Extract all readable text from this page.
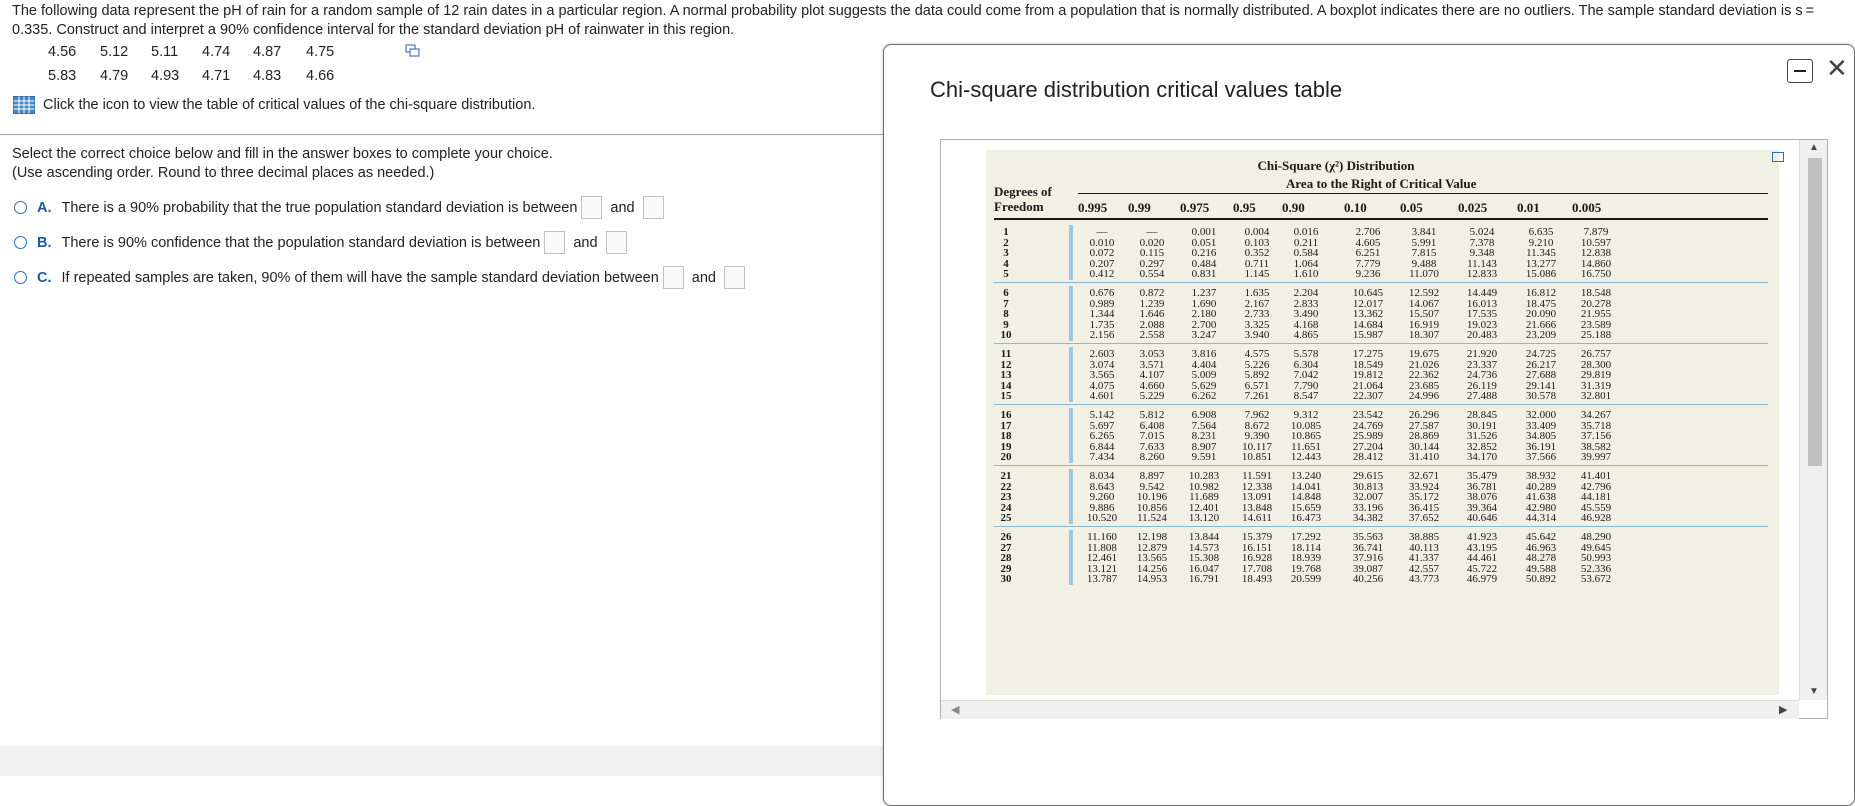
The following data represent the pH of rain for a random sample of 12 rain dates in a particular region. A normal probability plot suggests the data could come from a population that is normally distributed. A boxplot indicates there are no outliers. The sample standard deviation is s = 0.335. Construct and interpret a 90% confidence interval for the standard deviation pH of rainwater in this region.
4.56 5.12 5.11 4.74 4.87 4.75
5.83 4.79 4.93 4.71 4.83 4.66
Click the icon to view the table of critical values of the chi-square distribution.
Select the correct choice below and fill in the answer boxes to complete your choice.
(Use ascending order. Round to three decimal places as needed.)
A. There is a 90% probability that the true population standard deviation is between and
B. There is 90% confidence that the population standard deviation is between and
C. If repeated samples are taken, 90% of them will have the sample standard deviation between and
Chi-square distribution critical values table
✕
Chi-Square (χ²) Distribution
Area to the Right of Critical Value
Degrees of
Freedom	0.995 0.99 0.975 0.95 0.90	0.10	0.05	0.025 0.01 0.005
1	—	—	0.001	0.004	0.016	2.706	3.841	5.024	6.635	7.879
2	0.010	0.020	0.051	0.103	0.211	4.605	5.991	7.378	9.210	10.597
3	0.072	0.115	0.216	0.352	0.584	6.251	7.815	9.348	11.345	12.838
4	0.207	0.297	0.484	0.711	1.064	7.779	9.488	11.143	13.277	14.860
5	0.412	0.554	0.831	1.145	1.610	9.236	11.070	12.833	15.086	16.750
6	0.676	0.872	1.237	1.635	2.204	10.645	12.592	14.449	16.812	18.548
7	0.989	1.239	1.690	2.167	2.833	12.017	14.067	16.013	18.475	20.278
8	1.344	1.646	2.180	2.733	3.490	13.362	15.507	17.535	20.090	21.955
9	1.735	2.088	2.700	3.325	4.168	14.684	16.919	19.023	21.666	23.589
10	2.156	2.558	3.247	3.940	4.865	15.987	18.307	20.483	23.209	25.188
11	2.603	3.053	3.816	4.575	5.578	17.275	19.675	21.920	24.725	26.757
12	3.074	3.571	4.404	5.226	6.304	18.549	21.026	23.337	26.217	28.300
13	3.565	4.107	5.009	5.892	7.042	19.812	22.362	24.736	27.688	29.819
14	4.075	4.660	5.629	6.571	7.790	21.064	23.685	26.119	29.141	31.319
15	4.601	5.229	6.262	7.261	8.547	22.307	24.996	27.488	30.578	32.801
16	5.142	5.812	6.908	7.962	9.312	23.542	26.296	28.845	32.000	34.267
17	5.697	6.408	7.564	8.672	10.085	24.769	27.587	30.191	33.409	35.718
18	6.265	7.015	8.231	9.390	10.865	25.989	28.869	31.526	34.805	37.156
19	6.844	7.633	8.907	10.117	11.651	27.204	30.144	32.852	36.191	38.582
20	7.434	8.260	9.591	10.851	12.443	28.412	31.410	34.170	37.566	39.997
21	8.034	8.897	10.283	11.591	13.240	29.615	32.671	35.479	38.932	41.401
22	8.643	9.542	10.982	12.338	14.041	30.813	33.924	36.781	40.289	42.796
23	9.260	10.196	11.689	13.091	14.848	32.007	35.172	38.076	41.638	44.181
24	9.886	10.856	12.401	13.848	15.659	33.196	36.415	39.364	42.980	45.559
25	10.520	11.524	13.120	14.611	16.473	34.382	37.652	40.646	44.314	46.928
26	11.160	12.198	13.844	15.379	17.292	35.563	38.885	41.923	45.642	48.290
27	11.808	12.879	14.573	16.151	18.114	36.741	40.113	43.195	46.963	49.645
28	12.461	13.565	15.308	16.928	18.939	37.916	41.337	44.461	48.278	50.993
29	13.121	14.256	16.047	17.708	19.768	39.087	42.557	45.722	49.588	52.336
30	13.787	14.953	16.791	18.493	20.599	40.256	43.773	46.979	50.892	53.672
▲
▼
◀	▶
